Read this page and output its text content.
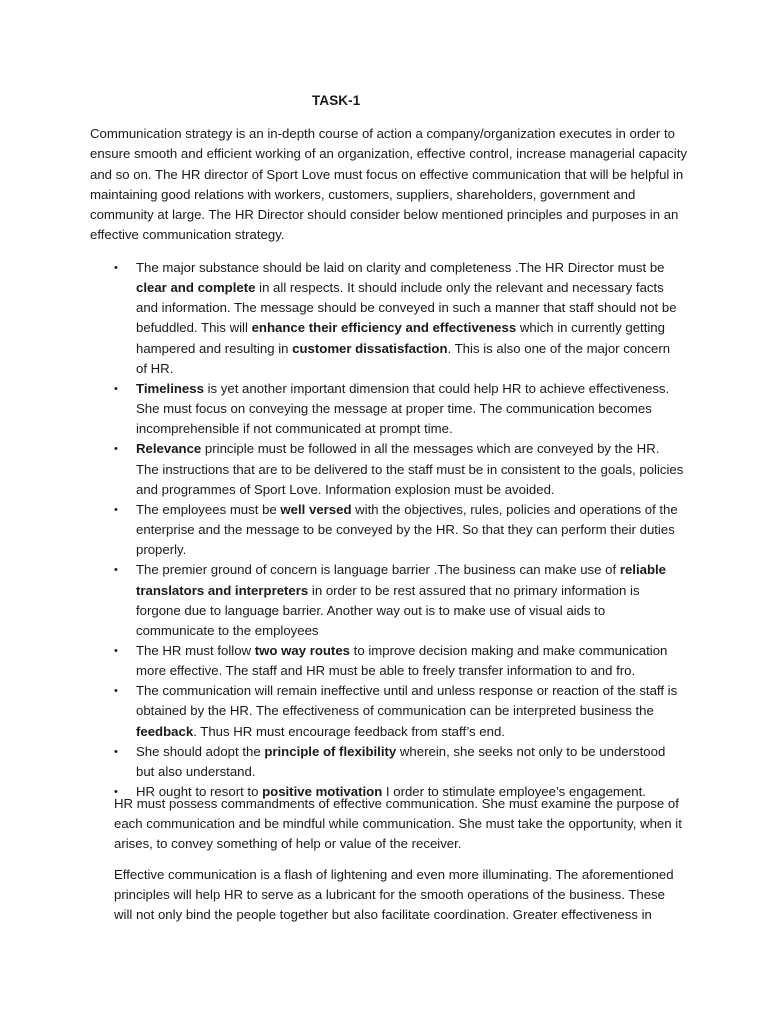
TASK-1

Communication strategy is an in-depth course of action a company/organization executes in order to ensure smooth and efficient working of an organization, effective control, increase managerial capacity and so on. The HR director of Sport Love must focus on effective communication that will be helpful in maintaining good relations with workers, customers, suppliers, shareholders, government and community at large. The HR Director should consider below mentioned principles and purposes in an effective communication strategy.

• The major substance should be laid on clarity and completeness .The HR Director must be clear and complete in all respects. It should include only the relevant and necessary facts and information. The message should be conveyed in such a manner that staff should not be befuddled. This will enhance their efficiency and effectiveness which in currently getting hampered and resulting in customer dissatisfaction. This is also one of the major concern of HR.
• Timeliness is yet another important dimension that could help HR to achieve effectiveness. She must focus on conveying the message at proper time. The communication becomes incomprehensible if not communicated at prompt time.
• Relevance principle must be followed in all the messages which are conveyed by the HR. The instructions that are to be delivered to the staff must be in consistent to the goals, policies and programmes of Sport Love. Information explosion must be avoided.
• The employees must be well versed with the objectives, rules, policies and operations of the enterprise and the message to be conveyed by the HR. So that they can perform their duties properly.
• The premier ground of concern is language barrier .The business can make use of reliable translators and interpreters in order to be rest assured that no primary information is forgone due to language barrier. Another way out is to make use of visual aids to communicate to the employees
• The HR must follow two way routes to improve decision making and make communication more effective. The staff and HR must be able to freely transfer information to and fro.
• The communication will remain ineffective until and unless response or reaction of the staff is obtained by the HR. The effectiveness of communication can be interpreted business the feedback. Thus HR must encourage feedback from staff’s end.
• She should adopt the principle of flexibility wherein, she seeks not only to be understood but also understand.
• HR ought to resort to positive motivation I order to stimulate employee’s engagement.

HR must possess commandments of effective communication. She must examine the purpose of each communication and be mindful while communication. She must take the opportunity, when it arises, to convey something of help or value of the receiver.

Effective communication is a flash of lightening and even more illuminating. The aforementioned principles will help HR to serve as a lubricant for the smooth operations of the business. These will not only bind the people together but also facilitate coordination. Greater effectiveness in
